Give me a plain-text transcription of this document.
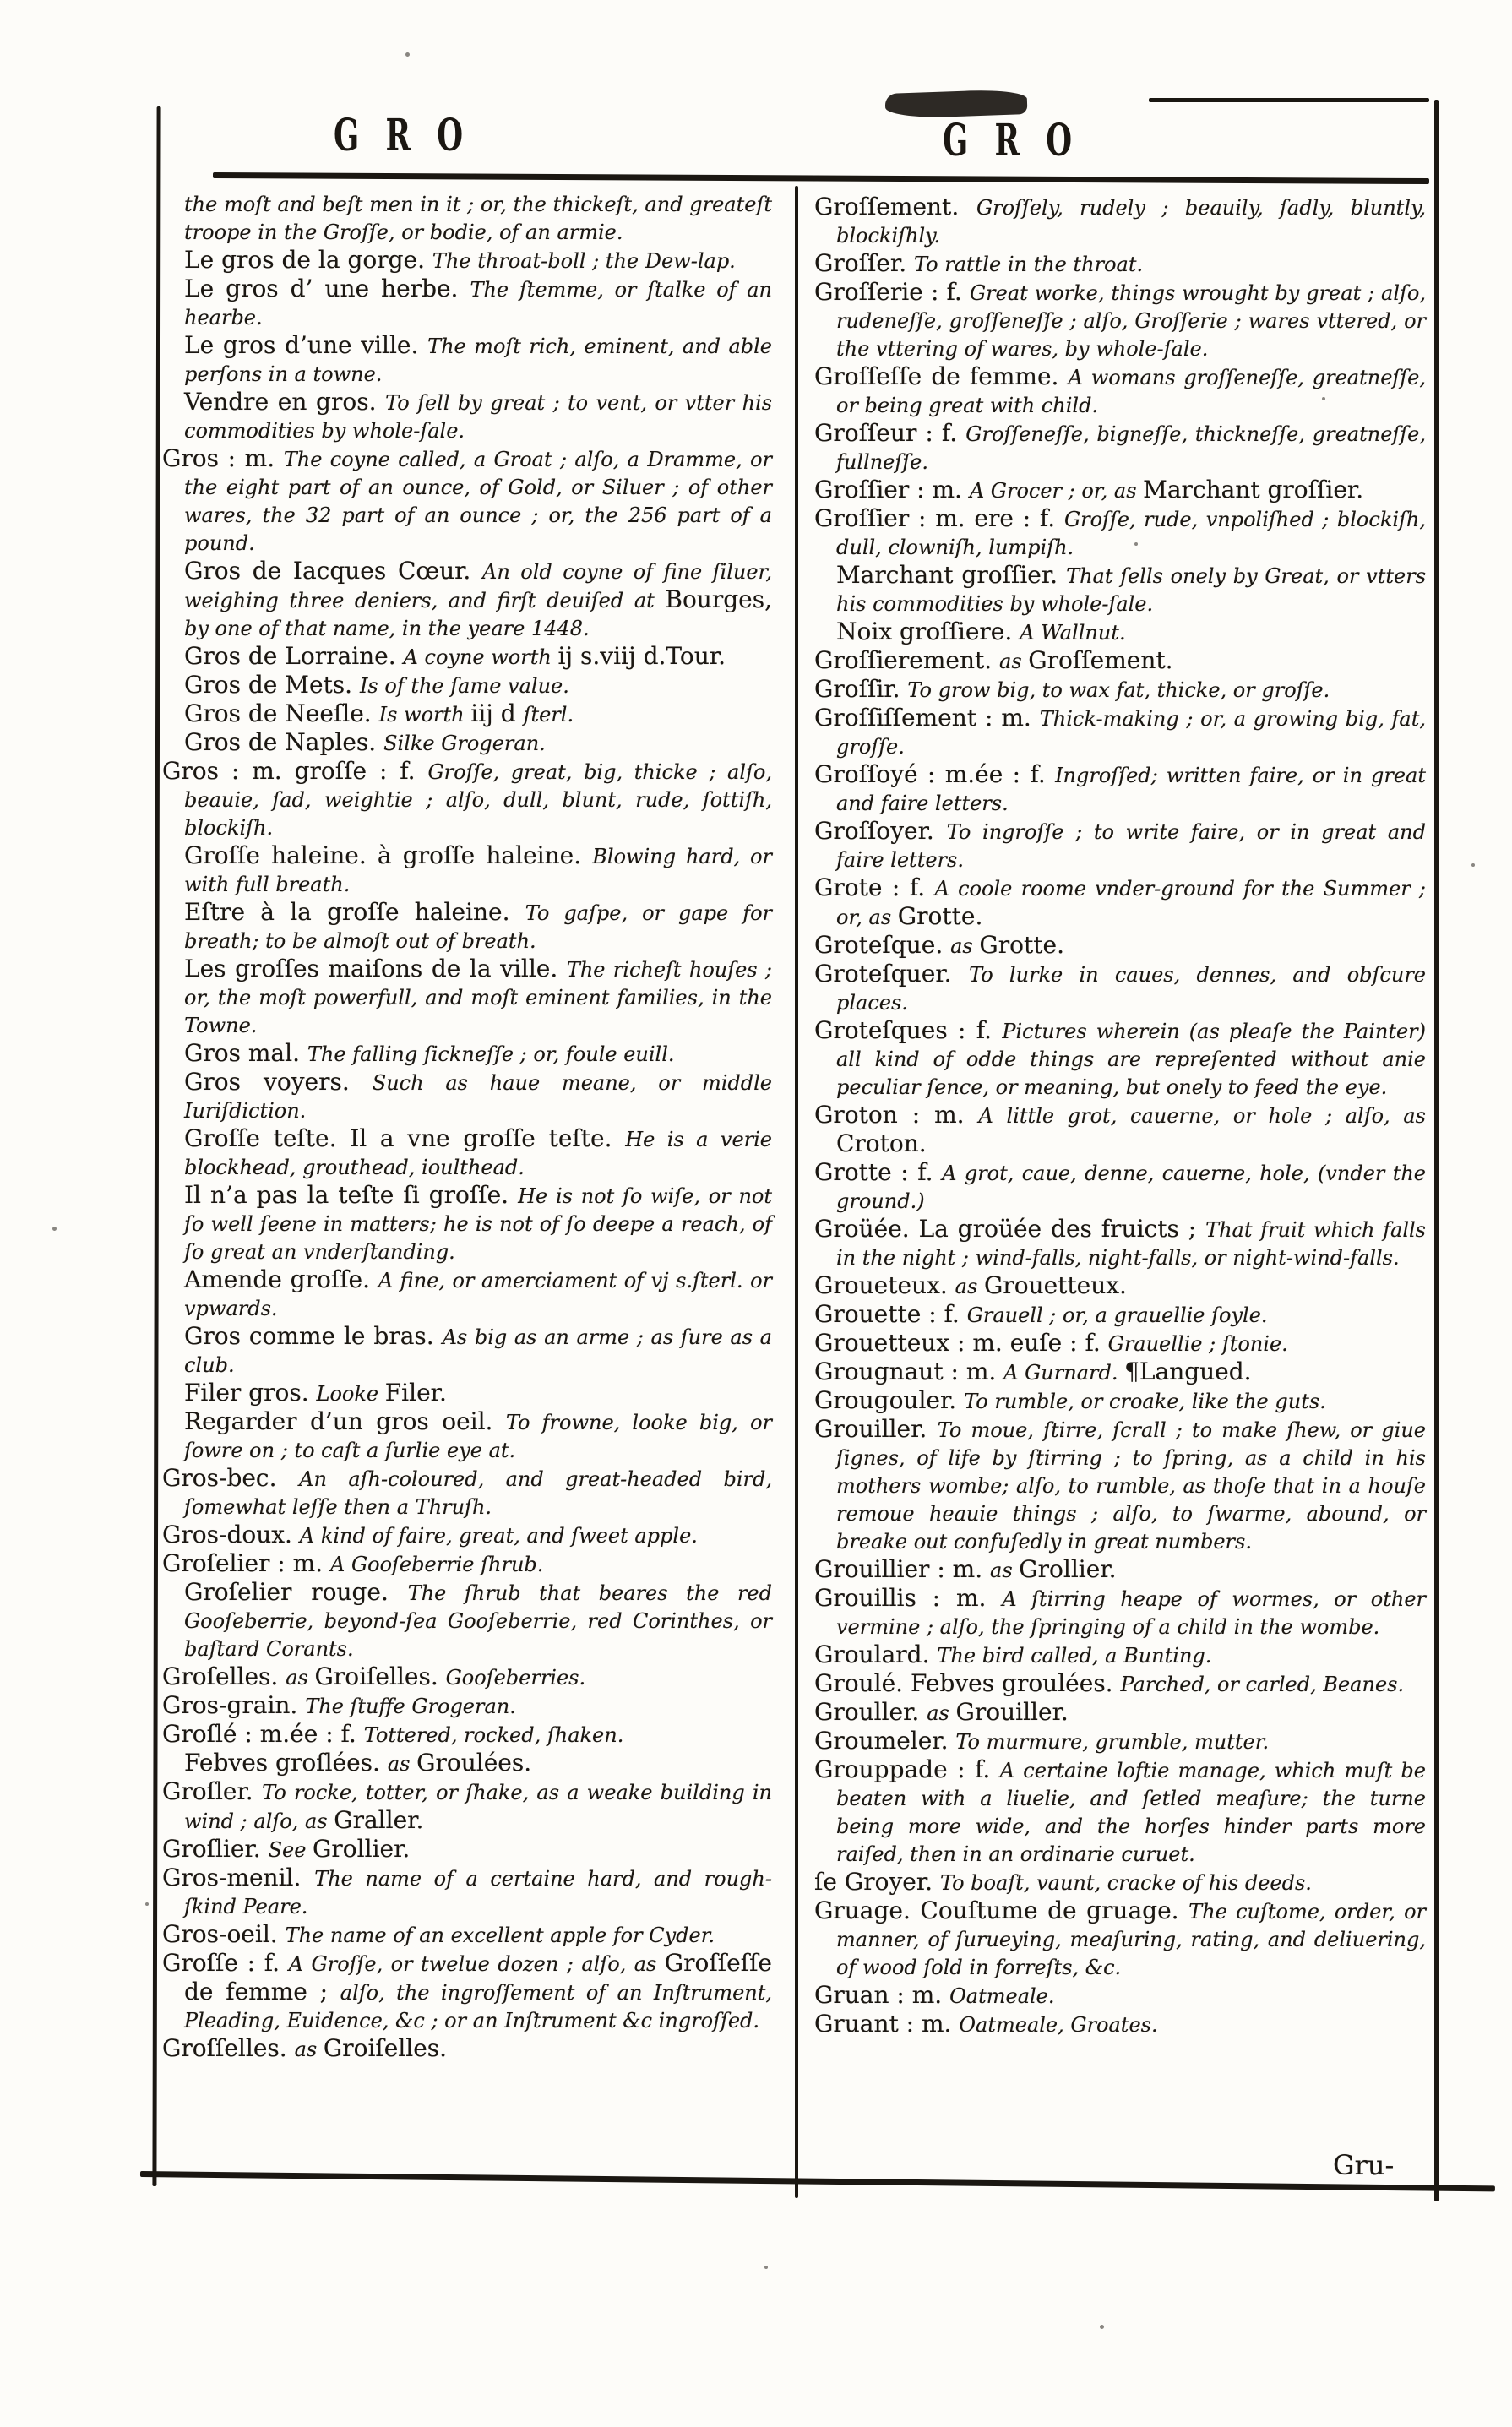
G R O	G R O

the moſt and beſt men in it ; or, the thickeſt, and greateſt troope in the Groſſe, or bodie, of an armie.

Le gros de la gorge. The throat-boll ; the Dew-lap.

Le gros d’ une herbe. The ſtemme, or ſtalke of an hearbe.

Le gros d’une ville. The moſt rich, eminent, and able perſons in a towne.

Vendre en gros. To ſell by great ; to vent, or vtter his commodities by whole-ſale.

Gros : m. The coyne called, a Groat ; alſo, a Dramme, or the eight part of an ounce, of Gold, or Siluer ; of other wares, the 32 part of an ounce ; or, the 256 part of a pound.

Gros de Iacques Cœur. An old coyne of fine ſiluer, weighing three deniers, and firſt deuiſed at Bourges, by one of that name, in the yeare 1448.

Gros de Lorraine. A coyne worth ij s.viij d.Tour.

Gros de Mets. Is of the ſame value.

Gros de Neeſle. Is worth iij d ſterl.

Gros de Naples. Silke Grogeran.

Gros : m. groſſe : f. Groſſe, great, big, thicke ; alſo, beauie, ſad, weightie ; alſo, dull, blunt, rude, ſottiſh, blockiſh.

Groſſe haleine. à groſſe haleine. Blowing hard, or with full breath.

Eſtre à la groſſe haleine. To gaſpe, or gape for breath; to be almoſt out of breath.

Les groſſes maiſons de la ville. The richeſt houſes ; or, the moſt powerfull, and moſt eminent families, in the Towne.

Gros mal. The falling ſickneſſe ; or, foule euill.

Gros voyers. Such as haue meane, or middle Iuriſdiction.

Groſſe teſte. Il a vne groſſe teſte. He is a verie blockhead, grouthead, ioulthead.

Il n’a pas la teſte ſi groſſe. He is not ſo wiſe, or not ſo well ſeene in matters; he is not of ſo deepe a reach, of ſo great an vnderſtanding.

Amende groſſe. A fine, or amerciament of vj s.ſterl. or vpwards.

Gros comme le bras. As big as an arme ; as ſure as a club.

Filer gros. Looke Filer.

Regarder d’un gros oeil. To frowne, looke big, or ſowre on ; to caſt a ſurlie eye at.

Gros-bec. An aſh-coloured, and great-headed bird, ſomewhat leſſe then a Thruſh.

Gros-doux. A kind of faire, great, and ſweet apple.

Groſelier : m. A Gooſeberrie ſhrub.

Groſelier rouge. The ſhrub that beares the red Gooſeberrie, beyond-ſea Gooſeberrie, red Corinthes, or baſtard Corants.

Groſelles. as Groiſelles. Gooſeberries.

Gros-grain. The ſtuffe Grogeran.

Groſlé : m.ée : f. Tottered, rocked, ſhaken.

Febves groſlées. as Groulées.

Groſler. To rocke, totter, or ſhake, as a weake building in wind ; alſo, as Graller.

Groſlier. See Grollier.

Gros-menil. The name of a certaine hard, and rough-ſkind Peare.

Gros-oeil. The name of an excellent apple for Cyder.

Groſſe : f. A Groſſe, or twelue dozen ; alſo, as Groſſeſſe de femme ; alſo, the ingroſſement of an Inſtrument, Pleading, Euidence, &c ; or an Inſtrument &c ingroſſed.

Groſſelles. as Groiſelles.

Groſſement. Groſſely, rudely ; beauily, ſadly, bluntly, blockiſhly.

Groſſer. To rattle in the throat.

Groſſerie : f. Great worke, things wrought by great ; alſo, rudeneſſe, groſſeneſſe ; alſo, Groſſerie ; wares vttered, or the vttering of wares, by whole-ſale.

Groſſeſſe de femme. A womans groſſeneſſe, greatneſſe, or being great with child.

Groſſeur : f. Groſſeneſſe, bigneſſe, thickneſſe, greatneſſe, fullneſſe.

Groſſier : m. A Grocer ; or, as Marchant groſſier.

Groſſier : m. ere : f. Groſſe, rude, vnpoliſhed ; blockiſh, dull, clowniſh, lumpiſh.

Marchant groſſier. That ſells onely by Great, or vtters his commodities by whole-ſale.

Noix groſſiere. A Wallnut.

Groſſierement. as Groſſement.

Groſſir. To grow big, to wax fat, thicke, or groſſe.

Groſſiſſement : m. Thick-making ; or, a growing big, fat, groſſe.

Groſſoyé : m.ée : f. Ingroſſed; written faire, or in great and faire letters.

Groſſoyer. To ingroſſe ; to write faire, or in great and faire letters.

Grote : f. A coole roome vnder-ground for the Summer ; or, as Grotte.

Groteſque. as Grotte.

Groteſquer. To lurke in caues, dennes, and obſcure places.

Groteſques : f. Pictures wherein (as pleaſe the Painter) all kind of odde things are repreſented without anie peculiar ſence, or meaning, but onely to feed the eye.

Groton : m. A little grot, cauerne, or hole ; alſo, as Croton.

Grotte : f. A grot, caue, denne, cauerne, hole, (vnder the ground.)

Groüée. La groüée des fruicts ; That fruit which falls in the night ; wind-falls, night-falls, or night-wind-falls.

Groueteux. as Grouetteux.

Grouette : f. Grauell ; or, a grauellie ſoyle.

Grouetteux : m. euſe : f. Grauellie ; ſtonie.

Grougnaut : m. A Gurnard. ¶Langued.

Grougouler. To rumble, or croake, like the guts.

Grouiller. To moue, ſtirre, ſcrall ; to make ſhew, or giue ſignes, of life by ſtirring ; to ſpring, as a child in his mothers wombe; alſo, to rumble, as thoſe that in a houſe remoue heauie things ; alſo, to ſwarme, abound, or breake out confuſedly in great numbers.

Grouillier : m. as Grollier.

Grouillis : m. A ſtirring heape of wormes, or other vermine ; alſo, the ſpringing of a child in the wombe.

Groulard. The bird called, a Bunting.

Groulé. Febves groulées. Parched, or carled, Beanes.

Grouller. as Grouiller.

Groumeler. To murmure, grumble, mutter.

Grouppade : f. A certaine loftie manage, which muſt be beaten with a liuelie, and ſetled meaſure; the turne being more wide, and the horſes hinder parts more raiſed, then in an ordinarie curuet.

ſe Groyer. To boaſt, vaunt, cracke of his deeds.

Gruage. Couſtume de gruage. The cuſtome, order, or manner, of ſurueying, meaſuring, rating, and deliuering, of wood ſold in forreſts, &c.

Gruan : m. Oatmeale.

Gruant : m. Oatmeale, Groates.

Gru-
